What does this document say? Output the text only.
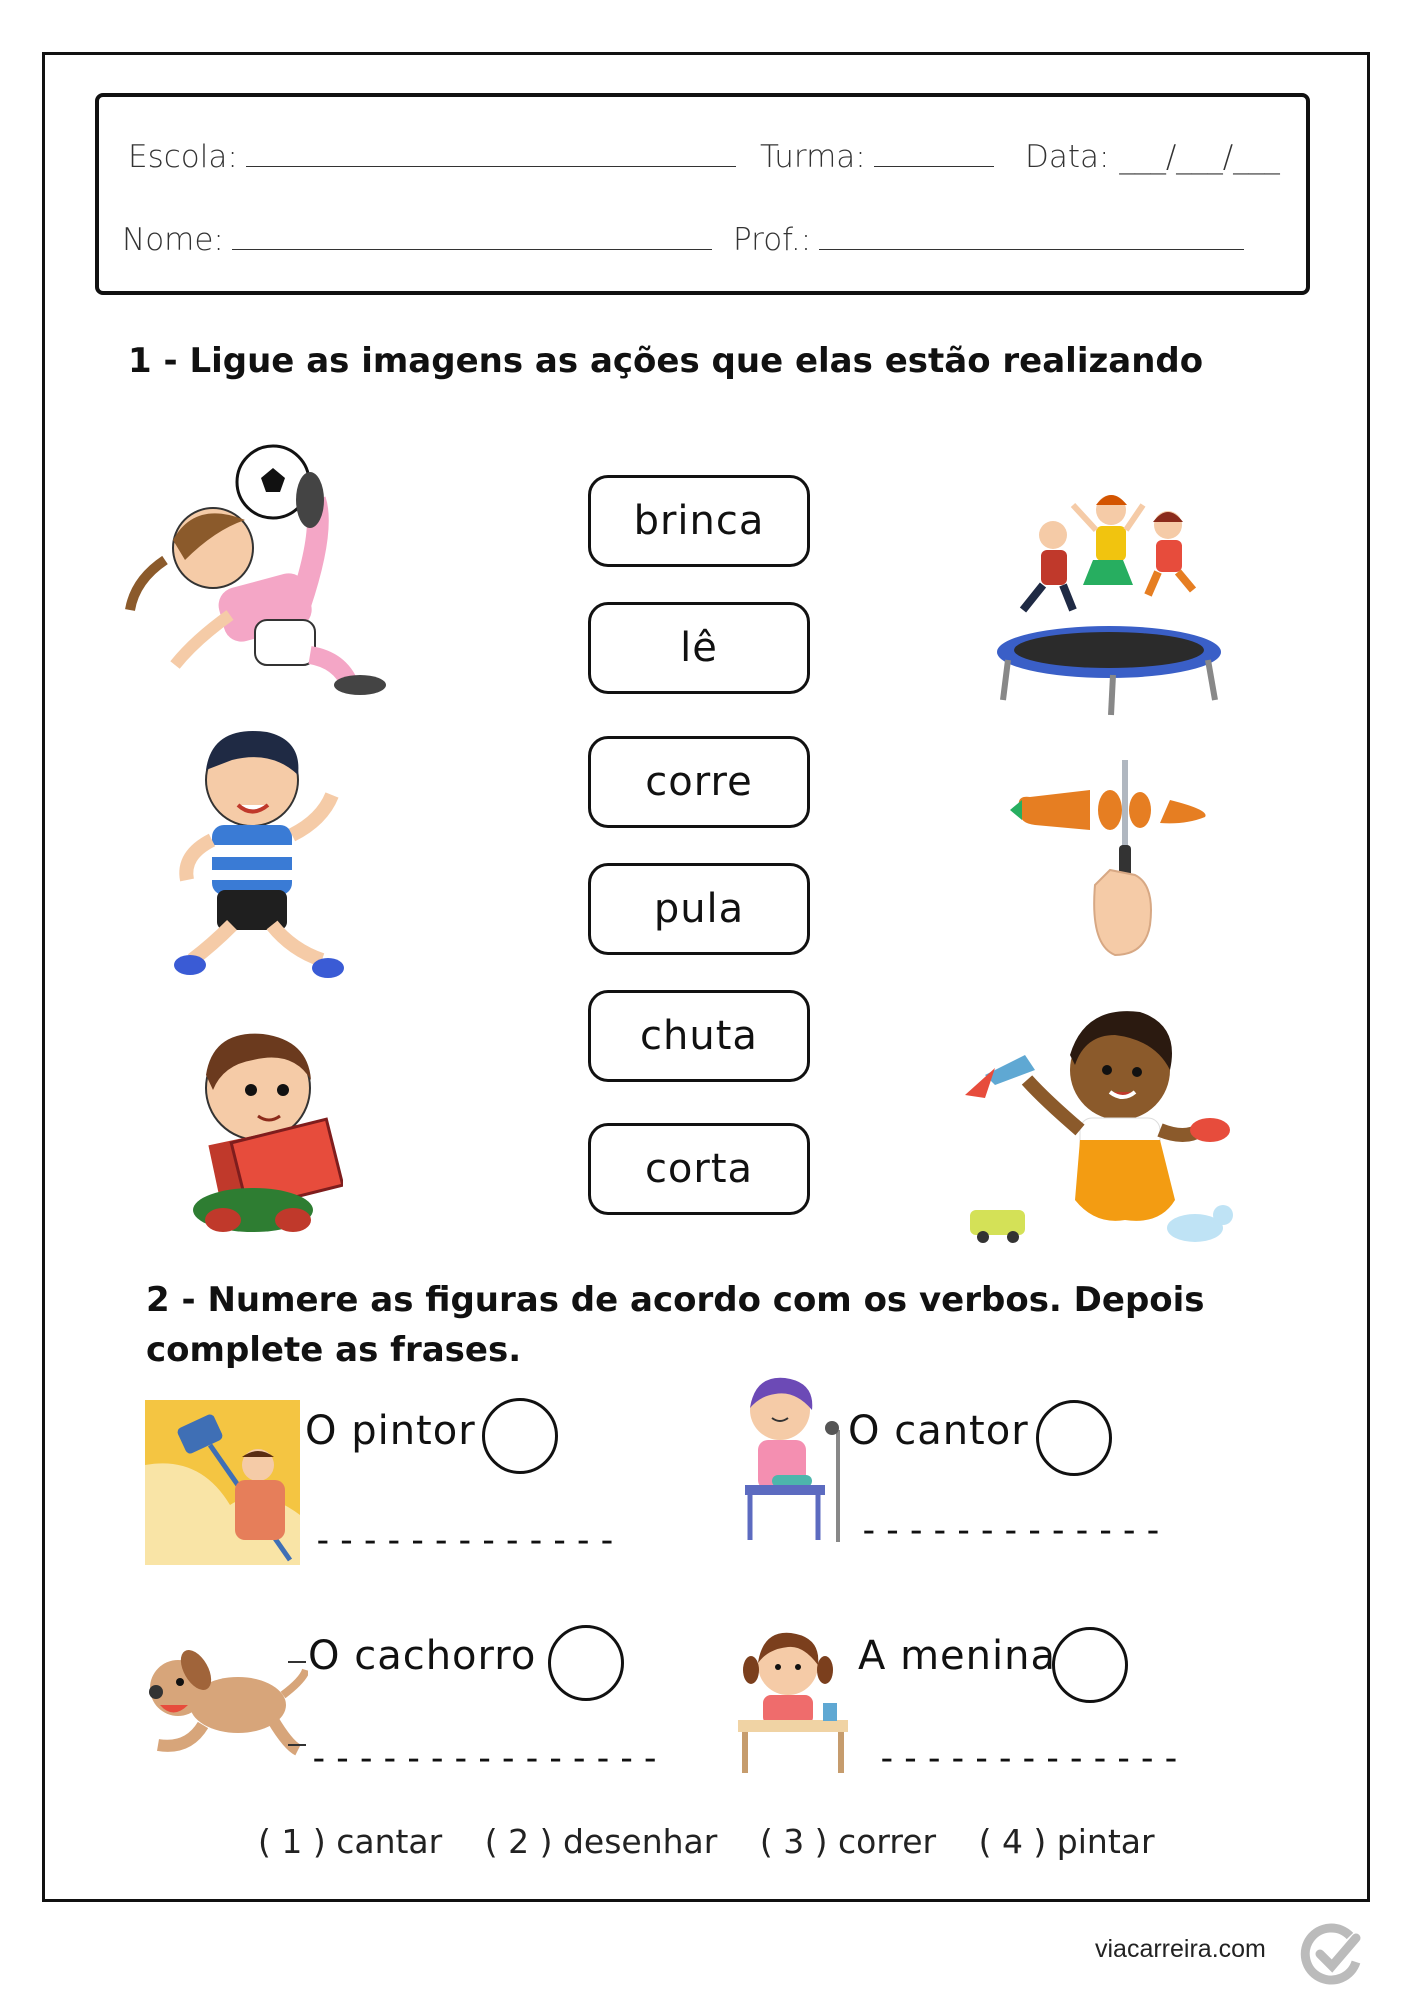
Escola:	Turma:	Data: ___/___/___
Nome:	Prof.:
1 - Ligue as imagens as ações que elas estão realizando
brinca
lê
corre
pula
chuta
corta
2 - Numere as figuras de acordo com os verbos. Depois
complete as frases.
O pintor
-------------
O cantor
-------------
O cachorro
---------------
A menina
-------------
( 1 ) cantar ( 2 ) desenhar ( 3 ) correr ( 4 ) pintar
viacarreira.com
